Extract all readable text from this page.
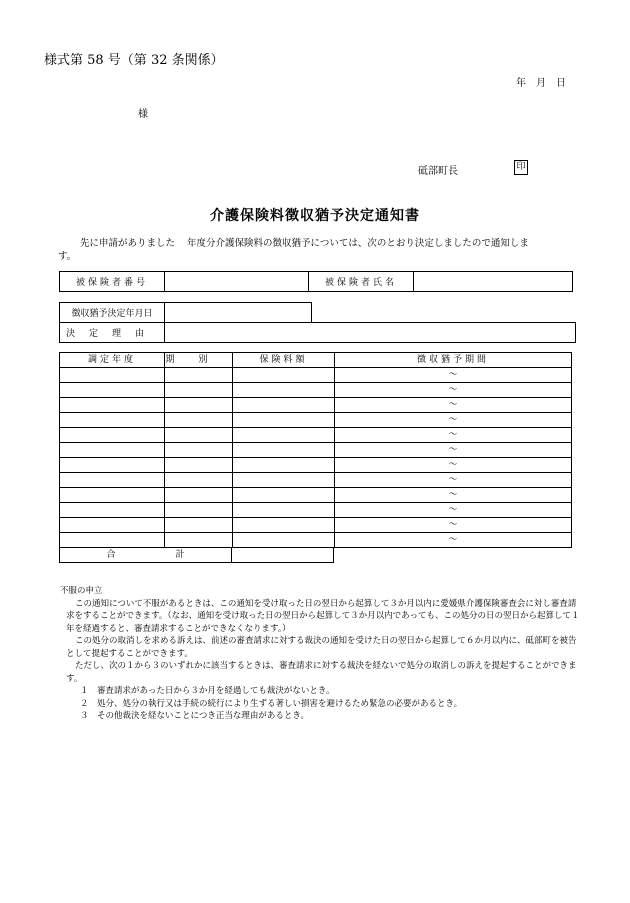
様式第 58 号（第 32 条関係）
年 月 日
様
砥部町長	印
介護保険料徴収猶予決定通知書
先に申請がありました 年度分介護保険料の徴収猶予については、次のとおり決定しましたので通知しま
す。
被保険者番号		被保険者氏名	
徴収猶予決定年月日	
決定理由	
調定年度	期別	保険料額	徴収猶予期間
			～
			～
			～
			～
			～
			～
			～
			～
			～
			～
			～
			～
合	計	

不服の申立

この通知について不服があるときは、この通知を受け取った日の翌日から起算して３か月以内に愛媛県介護保険審査会に対し審査請求をすることができます。（なお、通知を受け取った日の翌日から起算して３か月以内であっても、この処分の日の翌日から起算して１年を経過すると、審査請求することができなくなります。）

この処分の取消しを求める訴えは、前述の審査請求に対する裁決の通知を受けた日の翌日から起算して６か月以内に、砥部町を被告として提起することができます。

ただし、次の１から３のいずれかに該当するときは、審査請求に対する裁決を経ないで処分の取消しの訴えを提起することができます。

１　審査請求があった日から３か月を経過しても裁決がないとき。

２　処分、処分の執行又は手続の続行により生ずる著しい損害を避けるため緊急の必要があるとき。

３　その他裁決を経ないことにつき正当な理由があるとき。
